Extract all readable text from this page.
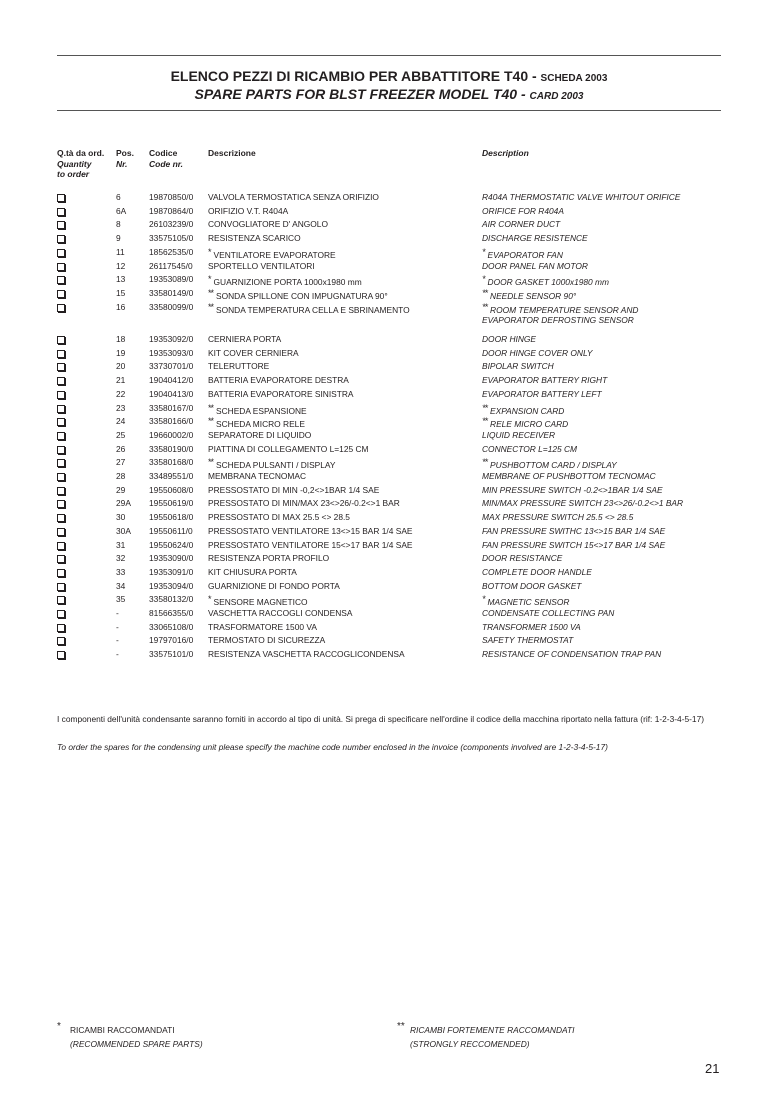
ELENCO PEZZI DI RICAMBIO PER ABBATTITORE T40 - SCHEDA 2003
SPARE PARTS FOR BLST FREEZER MODEL T40 - CARD 2003
Q.tà da ord.
Quantity
to order
Pos.
Nr.
Codice
Code nr.
Descrizione	Description
6	19870850/0 VALVOLA TERMOSTATICA SENZA ORIFIZIO	R404A THERMOSTATIC VALVE WHITOUT ORIFICE
6A	19870864/0 ORIFIZIO V.T. R404A	ORIFICE FOR R404A
8	26103239/0 CONVOGLIATORE D' ANGOLO	AIR CORNER DUCT
9	33575105/0 RESISTENZA SCARICO	DISCHARGE RESISTENCE
11	18562535/0 * VENTILATORE EVAPORATORE	* EVAPORATOR FAN
12	26117545/0 SPORTELLO VENTILATORI	DOOR PANEL FAN MOTOR
13	19353089/0 * GUARNIZIONE PORTA 1000x1980 mm	* DOOR GASKET 1000x1980 mm
15	33580149/0 ** SONDA SPILLONE CON IMPUGNATURA 90°	** NEEDLE SENSOR 90°
16	33580099/0 ** SONDA TEMPERATURA CELLA E SBRINAMENTO	** ROOM TEMPERATURE SENSOR AND
EVAPORATOR DEFROSTING SENSOR
18	19353092/0 CERNIERA PORTA	DOOR HINGE
19	19353093/0 KIT COVER CERNIERA	DOOR HINGE COVER ONLY
20	33730701/0 TELERUTTORE	BIPOLAR SWITCH
21	19040412/0 BATTERIA EVAPORATORE DESTRA	EVAPORATOR BATTERY RIGHT
22	19040413/0 BATTERIA EVAPORATORE SINISTRA	EVAPORATOR BATTERY LEFT
23	33580167/0 ** SCHEDA ESPANSIONE	** EXPANSION CARD
24	33580166/0 ** SCHEDA MICRO RELE	** RELE MICRO CARD
25	19660002/0 SEPARATORE DI LIQUIDO	LIQUID RECEIVER
26	33580190/0 PIATTINA DI COLLEGAMENTO L=125 CM	CONNECTOR L=125 CM
27	33580168/0 ** SCHEDA PULSANTI / DISPLAY	** PUSHBOTTOM CARD / DISPLAY
28	33489551/0 MEMBRANA TECNOMAC	MEMBRANE OF PUSHBOTTOM TECNOMAC
29	19550608/0 PRESSOSTATO DI MIN -0,2<>1BAR 1/4 SAE	MIN PRESSURE SWITCH -0.2<>1BAR 1/4 SAE
29A 19550619/0 PRESSOSTATO DI MIN/MAX 23<>26/-0.2<>1 BAR	MIN/MAX PRESSURE SWITCH 23<>26/-0.2<>1 BAR
30	19550618/0 PRESSOSTATO DI MAX 25.5 <> 28.5	MAX PRESSURE SWITCH 25.5 <> 28.5
30A 19550611/0 PRESSOSTATO VENTILATORE 13<>15 BAR 1/4 SAE	FAN PRESSURE SWITHC 13<>15 BAR 1/4 SAE
31	19550624/0 PRESSOSTATO VENTILATORE 15<>17 BAR 1/4 SAE	FAN PRESSURE SWITCH 15<>17 BAR 1/4 SAE
32	19353090/0 RESISTENZA PORTA PROFILO	DOOR RESISTANCE
33	19353091/0 KIT CHIUSURA PORTA	COMPLETE DOOR HANDLE
34	19353094/0 GUARNIZIONE DI FONDO PORTA	BOTTOM DOOR GASKET
35	33580132/0 * SENSORE MAGNETICO	* MAGNETIC SENSOR
-	81566355/0 VASCHETTA RACCOGLI CONDENSA	CONDENSATE COLLECTING PAN
-	33065108/0 TRASFORMATORE 1500 VA	TRANSFORMER 1500 VA
-	19797016/0 TERMOSTATO DI SICUREZZA	SAFETY THERMOSTAT
-	33575101/0 RESISTENZA VASCHETTA RACCOGLICONDENSA	RESISTANCE OF CONDENSATION TRAP PAN
I componenti dell'unità condensante saranno forniti in accordo al tipo di unità. Si prega di specificare nell'ordine il codice della macchina riportato nella fattura (rif: 1-2-3-4-5-17)
To order the spares for the condensing unit please specify the machine code number enclosed in the invoice (components involved are 1-2-3-4-5-17)
*	RICAMBI RACCOMANDATI
(RECOMMENDED SPARE PARTS)
** RICAMBI FORTEMENTE RACCOMANDATI
(STRONGLY RECCOMENDED)
21
